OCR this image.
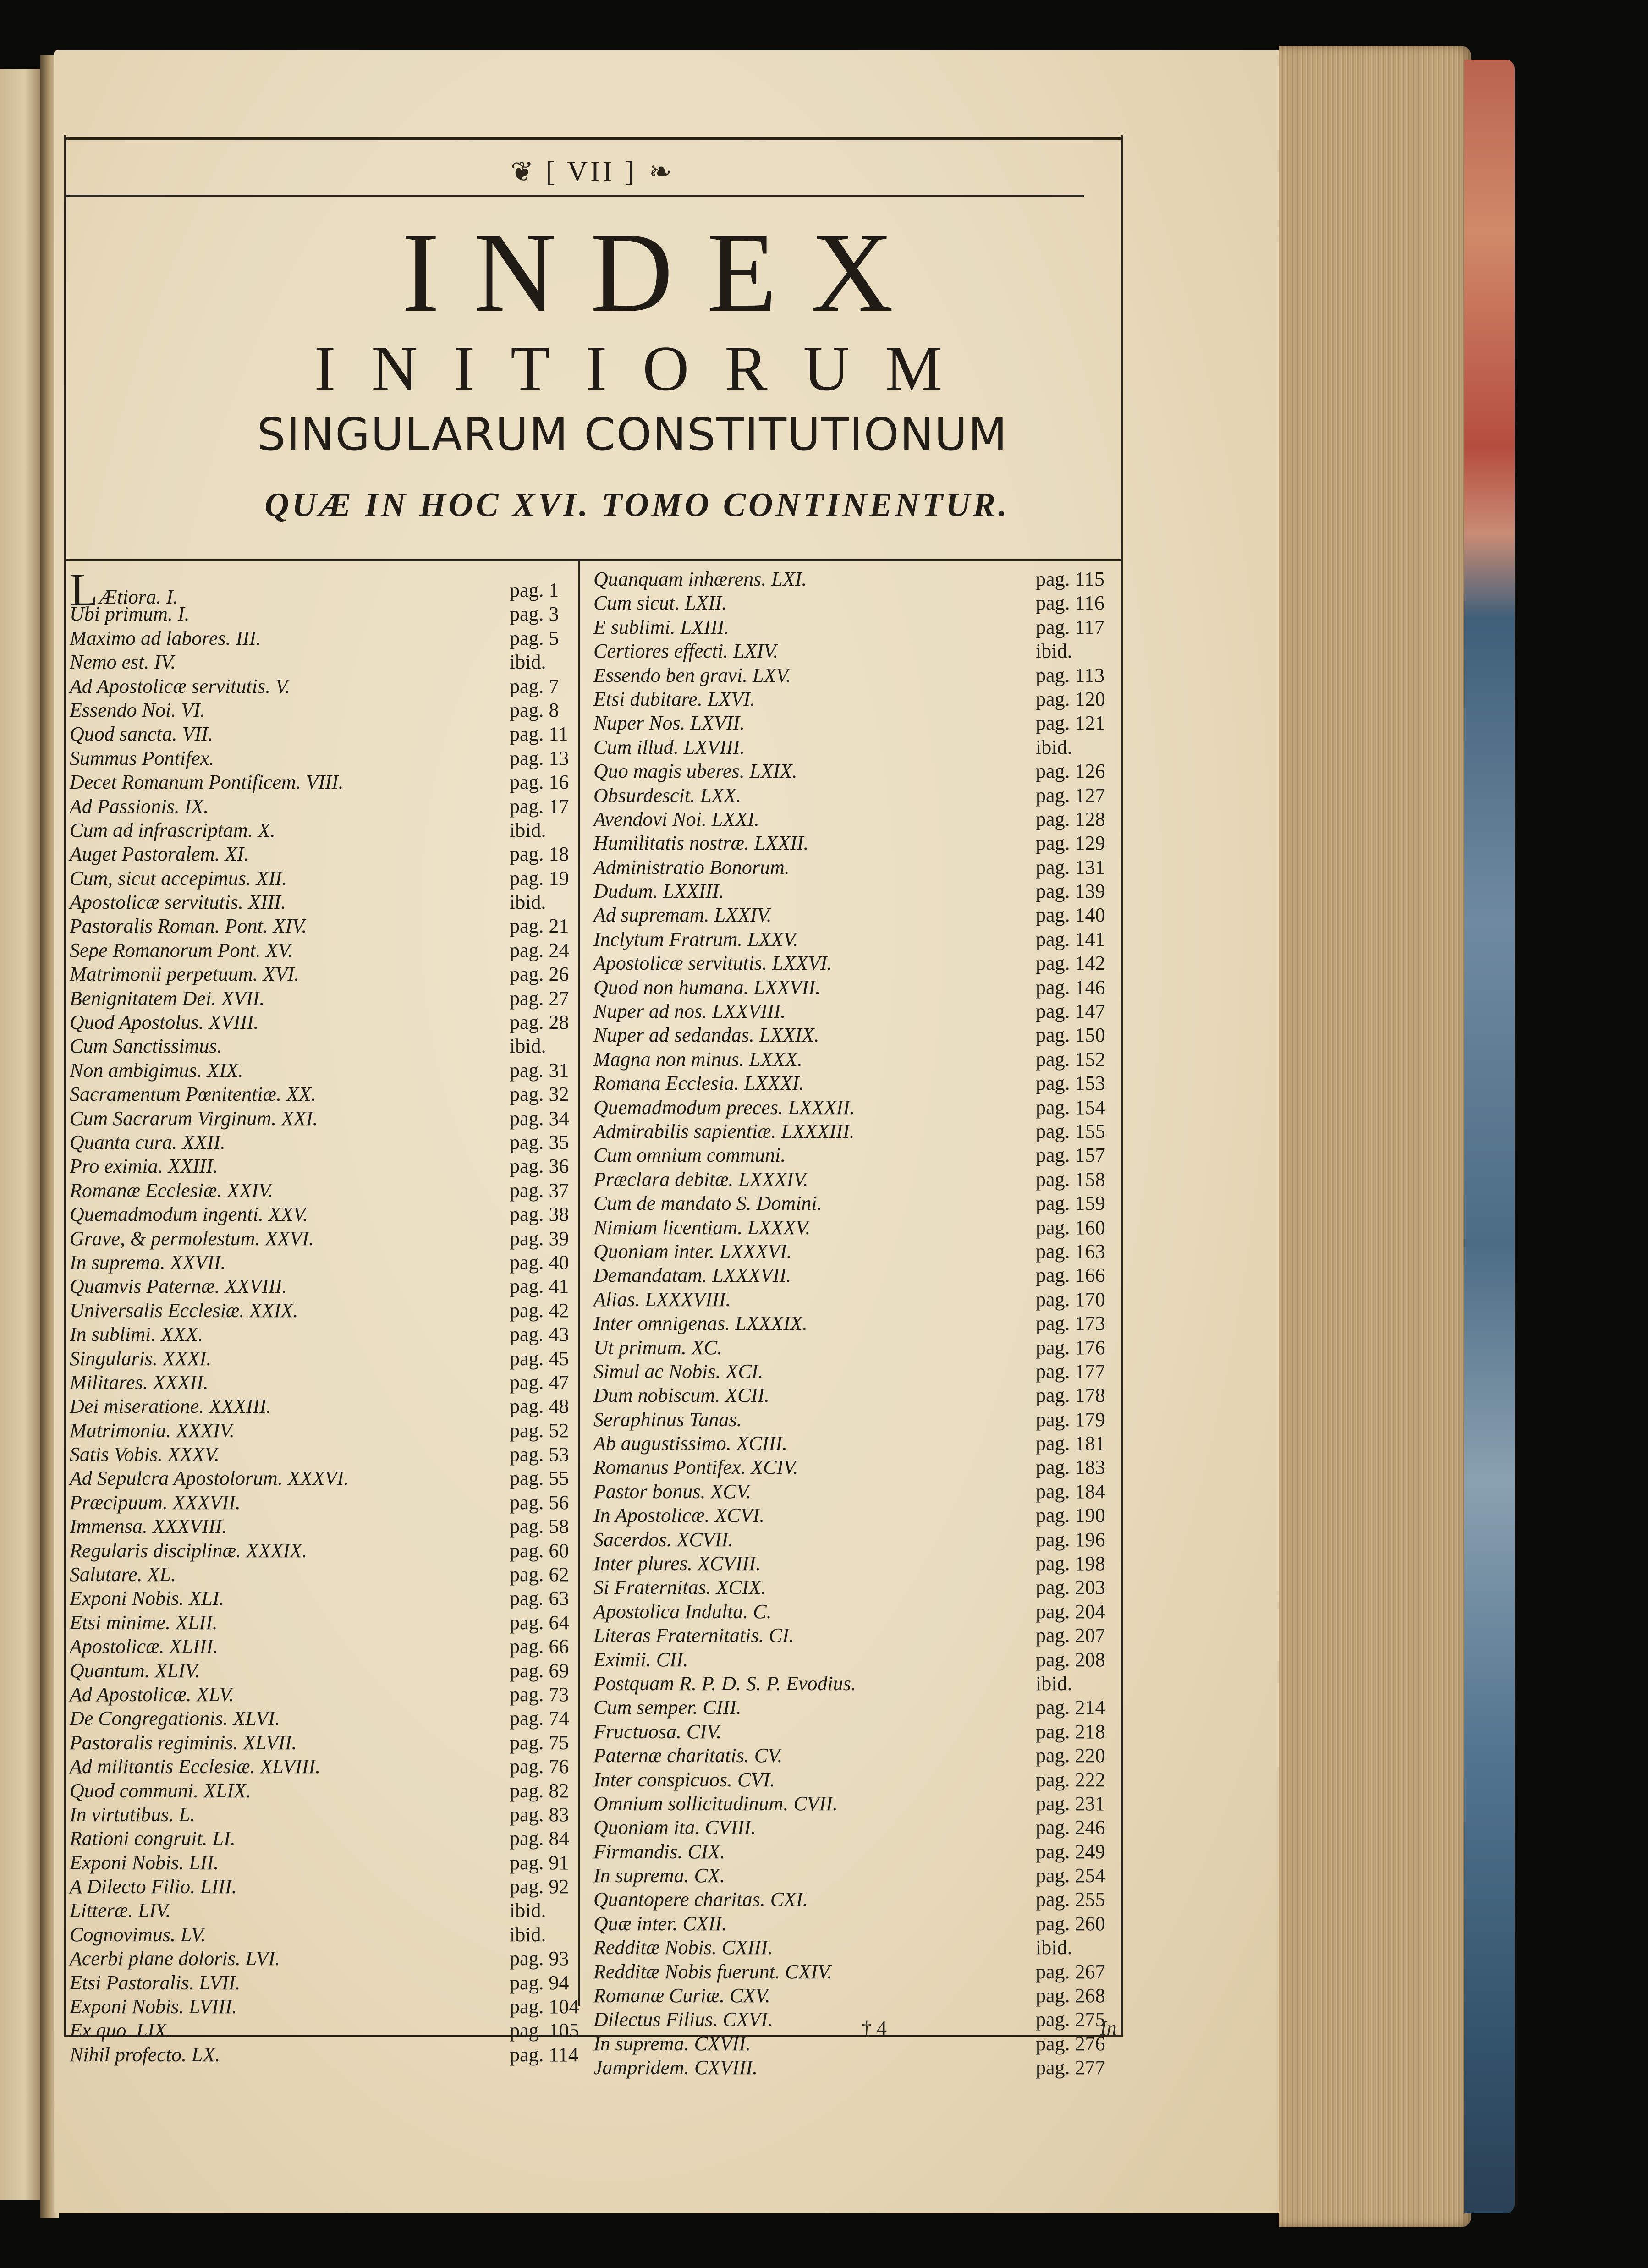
❦ [ VII ] ❧
INDEX
INITIORUM
SINGULARUM CONSTITUTIONUM
QUÆ IN HOC XVI. TOMO CONTINENTUR.
LÆtiora. I.	pag. 1
Ubi primum. I.	pag. 3
Maximo ad labores. III.	pag. 5
Nemo est. IV.	ibid.
Ad Apostolicæ servitutis. V.	pag. 7
Essendo Noi. VI.	pag. 8
Quod sancta. VII.	pag. 11
Summus Pontifex.	pag. 13
Decet Romanum Pontificem. VIII.	pag. 16
Ad Passionis. IX.	pag. 17
Cum ad infrascriptam. X.	ibid.
Auget Pastoralem. XI.	pag. 18
Cum, sicut accepimus. XII.	pag. 19
Apostolicæ servitutis. XIII.	ibid.
Pastoralis Roman. Pont. XIV.	pag. 21
Sepe Romanorum Pont. XV.	pag. 24
Matrimonii perpetuum. XVI.	pag. 26
Benignitatem Dei. XVII.	pag. 27
Quod Apostolus. XVIII.	pag. 28
Cum Sanctissimus.	ibid.
Non ambigimus. XIX.	pag. 31
Sacramentum Pœnitentiæ. XX.	pag. 32
Cum Sacrarum Virginum. XXI.	pag. 34
Quanta cura. XXII.	pag. 35
Pro eximia. XXIII.	pag. 36
Romanæ Ecclesiæ. XXIV.	pag. 37
Quemadmodum ingenti. XXV.	pag. 38
Grave, & permolestum. XXVI.	pag. 39
In suprema. XXVII.	pag. 40
Quamvis Paternæ. XXVIII.	pag. 41
Universalis Ecclesiæ. XXIX.	pag. 42
In sublimi. XXX.	pag. 43
Singularis. XXXI.	pag. 45
Militares. XXXII.	pag. 47
Dei miseratione. XXXIII.	pag. 48
Matrimonia. XXXIV.	pag. 52
Satis Vobis. XXXV.	pag. 53
Ad Sepulcra Apostolorum. XXXVI.	pag. 55
Præcipuum. XXXVII.	pag. 56
Immensa. XXXVIII.	pag. 58
Regularis disciplinæ. XXXIX.	pag. 60
Salutare. XL.	pag. 62
Exponi Nobis. XLI.	pag. 63
Etsi minime. XLII.	pag. 64
Apostolicæ. XLIII.	pag. 66
Quantum. XLIV.	pag. 69
Ad Apostolicæ. XLV.	pag. 73
De Congregationis. XLVI.	pag. 74
Pastoralis regiminis. XLVII.	pag. 75
Ad militantis Ecclesiæ. XLVIII.	pag. 76
Quod communi. XLIX.	pag. 82
In virtutibus. L.	pag. 83
Rationi congruit. LI.	pag. 84
Exponi Nobis. LII.	pag. 91
A Dilecto Filio. LIII.	pag. 92
Litteræ. LIV.	ibid.
Cognovimus. LV.	ibid.
Acerbi plane doloris. LVI.	pag. 93
Etsi Pastoralis. LVII.	pag. 94
Exponi Nobis. LVIII.	pag. 104
Ex quo. LIX.	pag. 105
Nihil profecto. LX.	pag. 114
Quanquam inhærens. LXI.	pag. 115
Cum sicut. LXII.	pag. 116
E sublimi. LXIII.	pag. 117
Certiores effecti. LXIV.	ibid.
Essendo ben gravi. LXV.	pag. 113
Etsi dubitare. LXVI.	pag. 120
Nuper Nos. LXVII.	pag. 121
Cum illud. LXVIII.	ibid.
Quo magis uberes. LXIX.	pag. 126
Obsurdescit. LXX.	pag. 127
Avendovi Noi. LXXI.	pag. 128
Humilitatis nostræ. LXXII.	pag. 129
Administratio Bonorum.	pag. 131
Dudum. LXXIII.	pag. 139
Ad supremam. LXXIV.	pag. 140
Inclytum Fratrum. LXXV.	pag. 141
Apostolicæ servitutis. LXXVI.	pag. 142
Quod non humana. LXXVII.	pag. 146
Nuper ad nos. LXXVIII.	pag. 147
Nuper ad sedandas. LXXIX.	pag. 150
Magna non minus. LXXX.	pag. 152
Romana Ecclesia. LXXXI.	pag. 153
Quemadmodum preces. LXXXII.	pag. 154
Admirabilis sapientiæ. LXXXIII.	pag. 155
Cum omnium communi.	pag. 157
Præclara debitæ. LXXXIV.	pag. 158
Cum de mandato S. Domini.	pag. 159
Nimiam licentiam. LXXXV.	pag. 160
Quoniam inter. LXXXVI.	pag. 163
Demandatam. LXXXVII.	pag. 166
Alias. LXXXVIII.	pag. 170
Inter omnigenas. LXXXIX.	pag. 173
Ut primum. XC.	pag. 176
Simul ac Nobis. XCI.	pag. 177
Dum nobiscum. XCII.	pag. 178
Seraphinus Tanas.	pag. 179
Ab augustissimo. XCIII.	pag. 181
Romanus Pontifex. XCIV.	pag. 183
Pastor bonus. XCV.	pag. 184
In Apostolicæ. XCVI.	pag. 190
Sacerdos. XCVII.	pag. 196
Inter plures. XCVIII.	pag. 198
Si Fraternitas. XCIX.	pag. 203
Apostolica Indulta. C.	pag. 204
Literas Fraternitatis. CI.	pag. 207
Eximii. CII.	pag. 208
Postquam R. P. D. S. P. Evodius.	ibid.
Cum semper. CIII.	pag. 214
Fructuosa. CIV.	pag. 218
Paternæ charitatis. CV.	pag. 220
Inter conspicuos. CVI.	pag. 222
Omnium sollicitudinum. CVII.	pag. 231
Quoniam ita. CVIII.	pag. 246
Firmandis. CIX.	pag. 249
In suprema. CX.	pag. 254
Quantopere charitas. CXI.	pag. 255
Quæ inter. CXII.	pag. 260
Redditæ Nobis. CXIII.	ibid.
Redditæ Nobis fuerunt. CXIV.	pag. 267
Romanæ Curiæ. CXV.	pag. 268
Dilectus Filius. CXVI.	pag. 275
In suprema. CXVII.	pag. 276
Jampridem. CXVIII.	pag. 277
† 4	In
